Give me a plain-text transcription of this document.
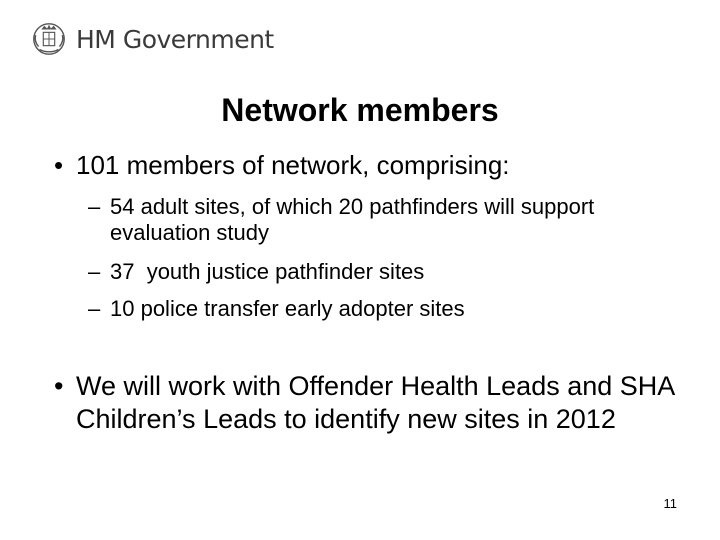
HM Government
Network members
• 101 members of network, comprising:
– 54 adult sites, of which 20 pathfinders will support evaluation study
– 37  youth justice pathfinder sites
– 10 police transfer early adopter sites
• We will work with Offender Health Leads and SHA Children’s Leads to identify new sites in 2012
11
